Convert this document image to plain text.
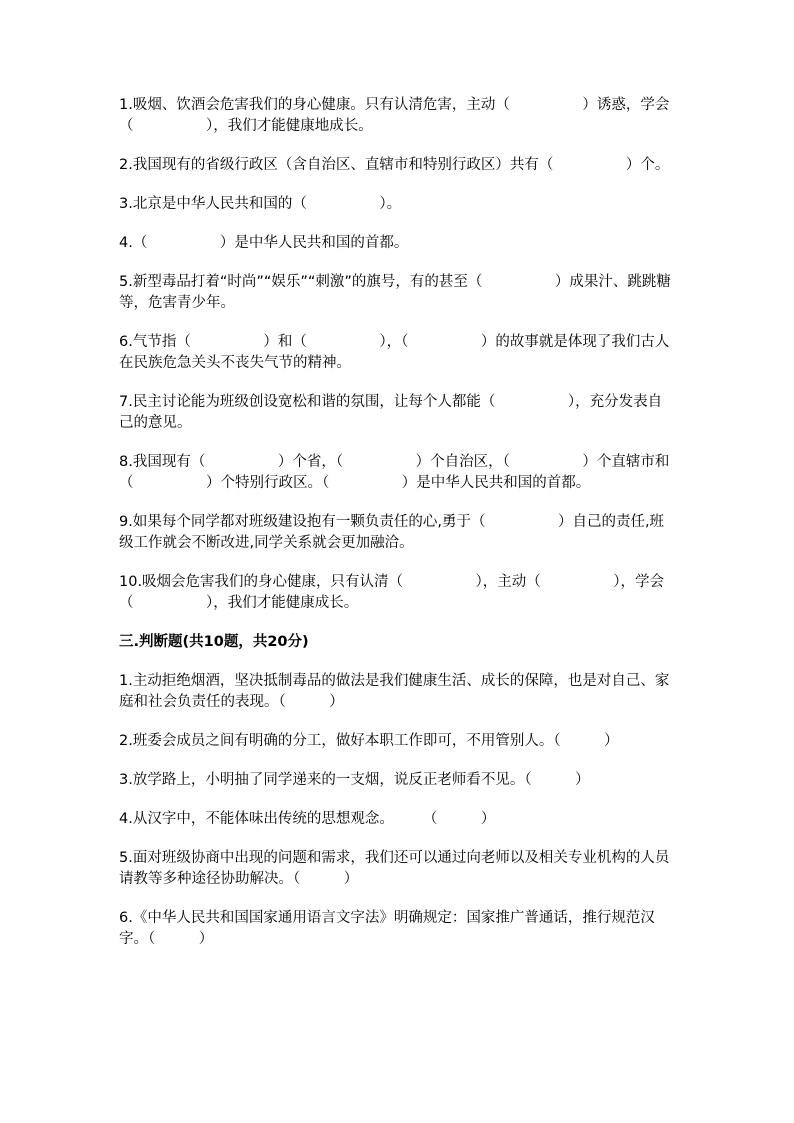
1.吸烟、饮酒会危害我们的身心健康。只有认清危害，主动（　　　　　）诱惑，学会（　　　　　），我们才能健康地成长。

2.我国现有的省级行政区（含自治区、直辖市和特别行政区）共有（　　　　　）个。

3.北京是中华人民共和国的（　　　　　）。

4.（　　　　　）是中华人民共和国的首都。

5.新型毒品打着“时尚”“娱乐”“刺激”的旗号，有的甚至（　　　　　）成果汁、跳跳糖等，危害青少年。

6.气节指（　　　　　）和（　　　　　），（　　　　　）的故事就是体现了我们古人在民族危急关头不丧失气节的精神。

7.民主讨论能为班级创设宽松和谐的氛围，让每个人都能（　　　　　），充分发表自己的意见。

8.我国现有（　　　　　）个省，（　　　　　）个自治区，（　　　　　）个直辖市和（　　　　　）个特别行政区。（　　　　　）是中华人民共和国的首都。

9.如果每个同学都对班级建设抱有一颗负责任的心,勇于（　　　　　）自己的责任,班级工作就会不断改进,同学关系就会更加融洽。

10.吸烟会危害我们的身心健康，只有认清（　　　　　），主动（　　　　　），学会（　　　　　），我们才能健康成长。

三.判断题(共10题，共20分)

1.主动拒绝烟酒，坚决抵制毒品的做法是我们健康生活、成长的保障，也是对自己、家庭和社会负责任的表现。（　　　）

2.班委会成员之间有明确的分工，做好本职工作即可，不用管别人。（　　　）

3.放学路上，小明抽了同学递来的一支烟，说反正老师看不见。（　　　）

4.从汉字中，不能体味出传统的思想观念。　　　（　　　）

5.面对班级协商中出现的问题和需求，我们还可以通过向老师以及相关专业机构的人员请教等多种途径协助解决。（　　　）

6.《中华人民共和国国家通用语言文字法》明确规定：国家推广普通话，推行规范汉字。（　　　）
